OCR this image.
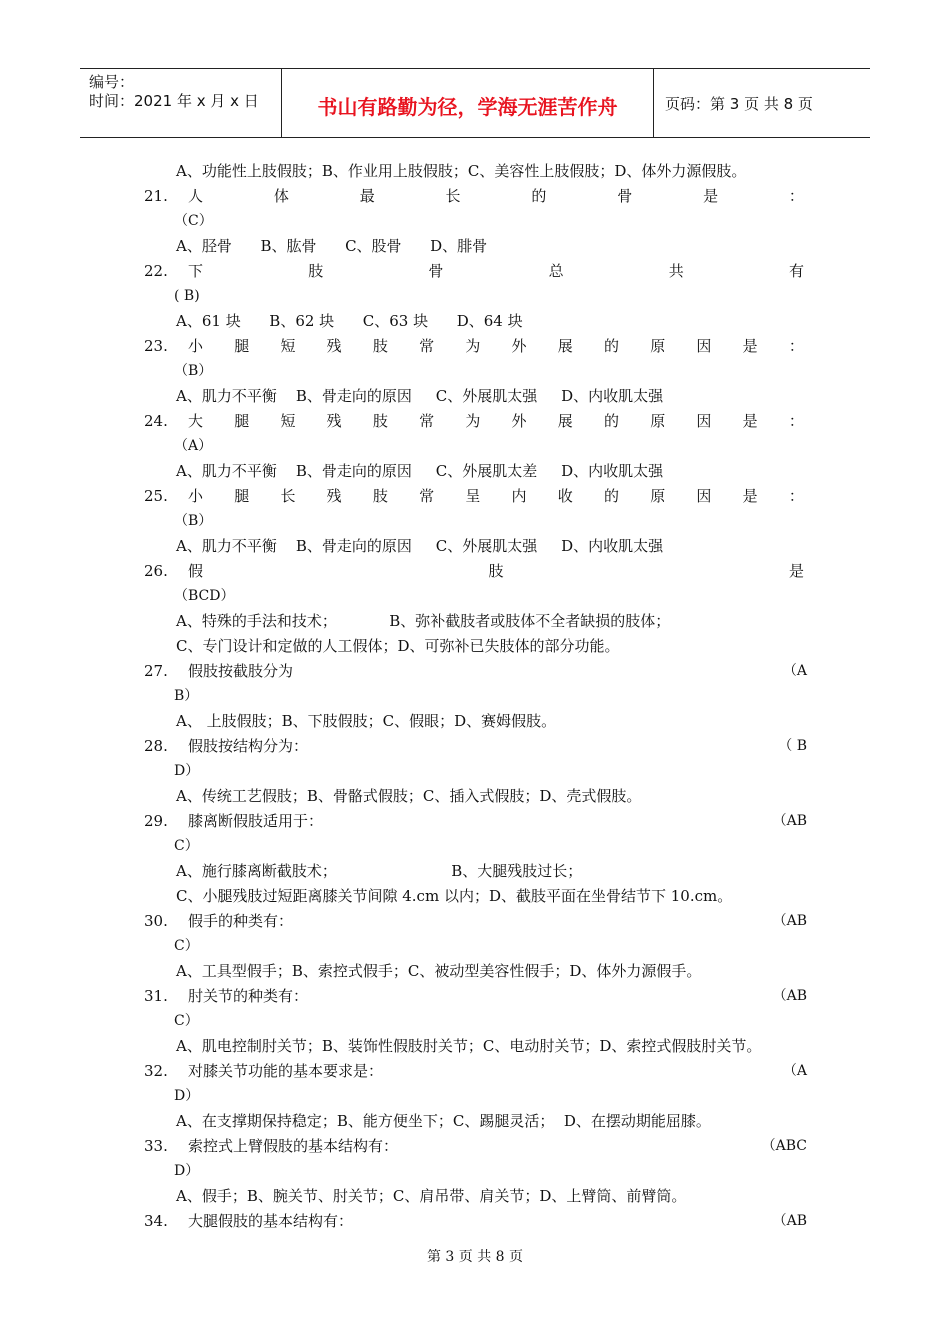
编号：
时间：2021 年 x 月 x 日	书山有路勤为径，学海无涯苦作舟	页码：第 3 页 共 8 页
A、功能性上肢假肢；B、作业用上肢假肢；C、美容性上肢假肢；D、体外力源假肢。
21. 人	体	最	长	的	骨	是	：
（C）
A、胫骨      B、肱骨      C、股骨      D、腓骨
22. 下	肢	骨	总	共	有
( B)
A、61 块      B、62 块      C、63 块      D、64 块
23. 小 腿 短 残 肢 常 为 外 展 的 原 因 是 ：
（B）
A、肌力不平衡    B、骨走向的原因     C、外展肌太强     D、内收肌太强
24. 大 腿 短 残 肢 常 为 外 展 的 原 因 是 ：
（A）
A、肌力不平衡    B、骨走向的原因     C、外展肌太差     D、内收肌太强
25. 小 腿 长 残 肢 常 呈 内 收 的 原 因 是 ：
（B）
A、肌力不平衡    B、骨走向的原因     C、外展肌太强     D、内收肌太强
26. 假	肢	是
（BCD）
A、特殊的手法和技术；           B、弥补截肢者或肢体不全者缺损的肢体；
C、专门设计和定做的人工假体；D、可弥补已失肢体的部分功能。
27. 假肢按截肢分为	（A
B）
A、 上肢假肢；B、下肢假肢；C、假眼；D、赛姆假肢。
28. 假肢按结构分为：	（ B
D）
A、传统工艺假肢；B、骨骼式假肢；C、插入式假肢；D、壳式假肢。
29. 膝离断假肢适用于：	（AB
C）
A、施行膝离断截肢术；                        B、大腿残肢过长；
C、小腿残肢过短距离膝关节间隙 4.cm 以内；D、截肢平面在坐骨结节下 10.cm。
30. 假手的种类有：	（AB
C）
A、工具型假手；B、索控式假手；C、被动型美容性假手；D、体外力源假手。
31. 肘关节的种类有：	（AB
C）
A、肌电控制肘关节；B、装饰性假肢肘关节；C、电动肘关节；D、索控式假肢肘关节。
32. 对膝关节功能的基本要求是：	（A
D）
A、在支撑期保持稳定；B、能方便坐下；C、踢腿灵活；  D、在摆动期能屈膝。
33. 索控式上臂假肢的基本结构有：	（ABC
D）
A、假手；B、腕关节、肘关节；C、肩吊带、肩关节；D、上臂筒、前臂筒。
34. 大腿假肢的基本结构有：	（AB
第 3 页 共 8 页
